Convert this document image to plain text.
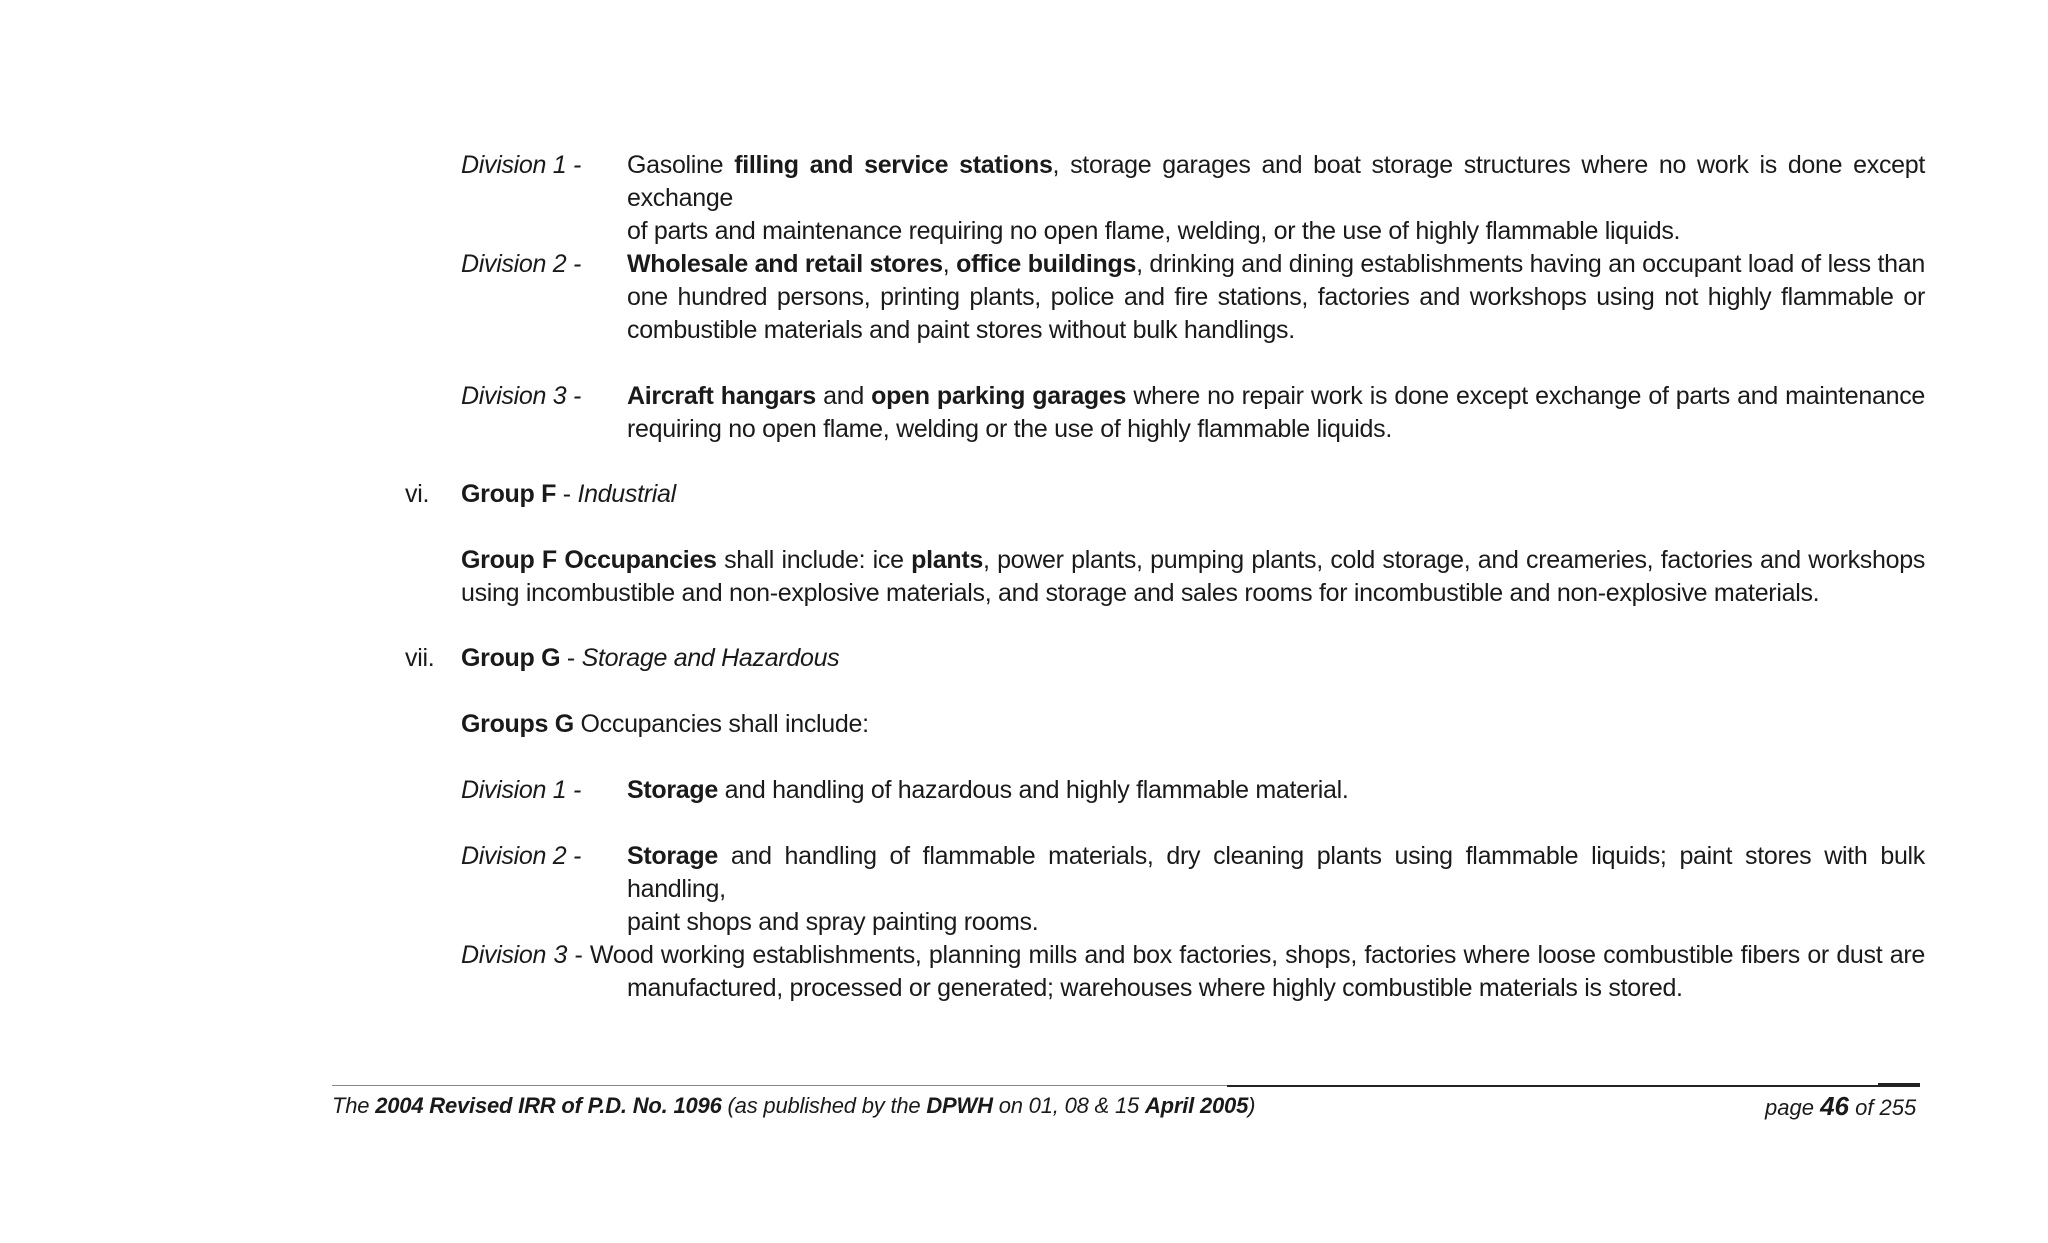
Division 1 - Gasoline filling and service stations, storage garages and boat storage structures where no work is done except exchange
of parts and maintenance requiring no open flame, welding, or the use of highly flammable liquids.
Division 2 - Wholesale and retail stores, office buildings, drinking and dining establishments having an occupant load of less than
one hundred persons, printing plants, police and fire stations, factories and workshops using not highly flammable or
combustible materials and paint stores without bulk handlings.
Division 3 - Aircraft hangars and open parking garages where no repair work is done except exchange of parts and maintenance
requiring no open flame, welding or the use of highly flammable liquids.
vi. Group F - Industrial
Group F Occupancies shall include: ice plants, power plants, pumping plants, cold storage, and creameries, factories and workshops
using incombustible and non-explosive materials, and storage and sales rooms for incombustible and non-explosive materials.
vii. Group G - Storage and Hazardous
Groups G Occupancies shall include:
Division 1 - Storage and handling of hazardous and highly flammable material.
Division 2 - Storage and handling of flammable materials, dry cleaning plants using flammable liquids; paint stores with bulk handling,
paint shops and spray painting rooms.
Division 3 - Wood working establishments, planning mills and box factories, shops, factories where loose combustible fibers or dust are
manufactured, processed or generated; warehouses where highly combustible materials is stored.
The 2004 Revised IRR of P.D. No. 1096 (as published by the DPWH on 01, 08 & 15 April 2005)	page 46 of 255
